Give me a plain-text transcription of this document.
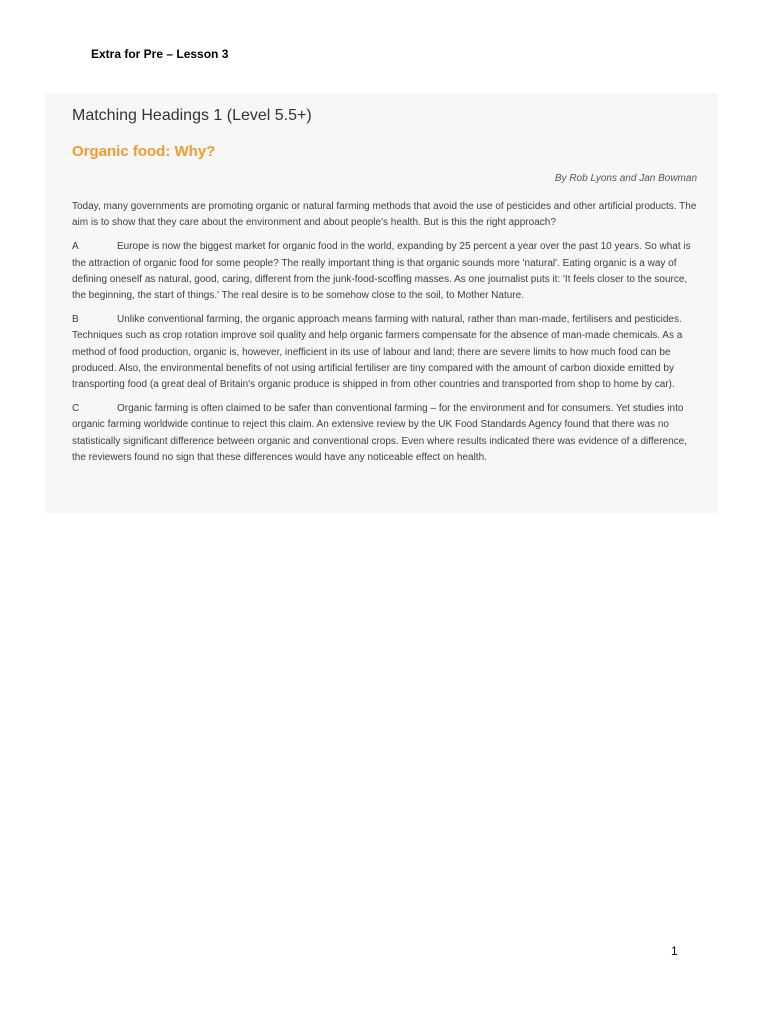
Extra for Pre – Lesson 3
Matching Headings 1 (Level 5.5+)
Organic food: Why?

By Rob Lyons and Jan Bowman

Today, many governments are promoting organic or natural farming methods that avoid the use of pesticides and other artificial products. The aim is to show that they care about the environment and about people's health. But is this the right approach?

A	Europe is now the biggest market for organic food in the world, expanding by 25 percent a year over the past 10 years. So what is the attraction of organic food for some people? The really important thing is that organic sounds more 'natural'. Eating organic is a way of defining oneself as natural, good, caring, different from the junk-food-scoffing masses. As one journalist puts it: 'It feels closer to the source, the beginning, the start of things.' The real desire is to be somehow close to the soil, to Mother Nature.

B	Unlike conventional farming, the organic approach means farming with natural, rather than man-made, fertilisers and pesticides. Techniques such as crop rotation improve soil quality and help organic farmers compensate for the absence of man-made chemicals. As a method of food production, organic is, however, inefficient in its use of labour and land; there are severe limits to how much food can be produced. Also, the environmental benefits of not using artificial fertiliser are tiny compared with the amount of carbon dioxide emitted by transporting food (a great deal of Britain's organic produce is shipped in from other countries and transported from shop to home by car).

C	Organic farming is often claimed to be safer than conventional farming – for the environment and for consumers. Yet studies into organic farming worldwide continue to reject this claim. An extensive review by the UK Food Standards Agency found that there was no statistically significant difference between organic and conventional crops. Even where results indicated there was evidence of a difference, the reviewers found no sign that these differences would have any noticeable effect on health.

1
